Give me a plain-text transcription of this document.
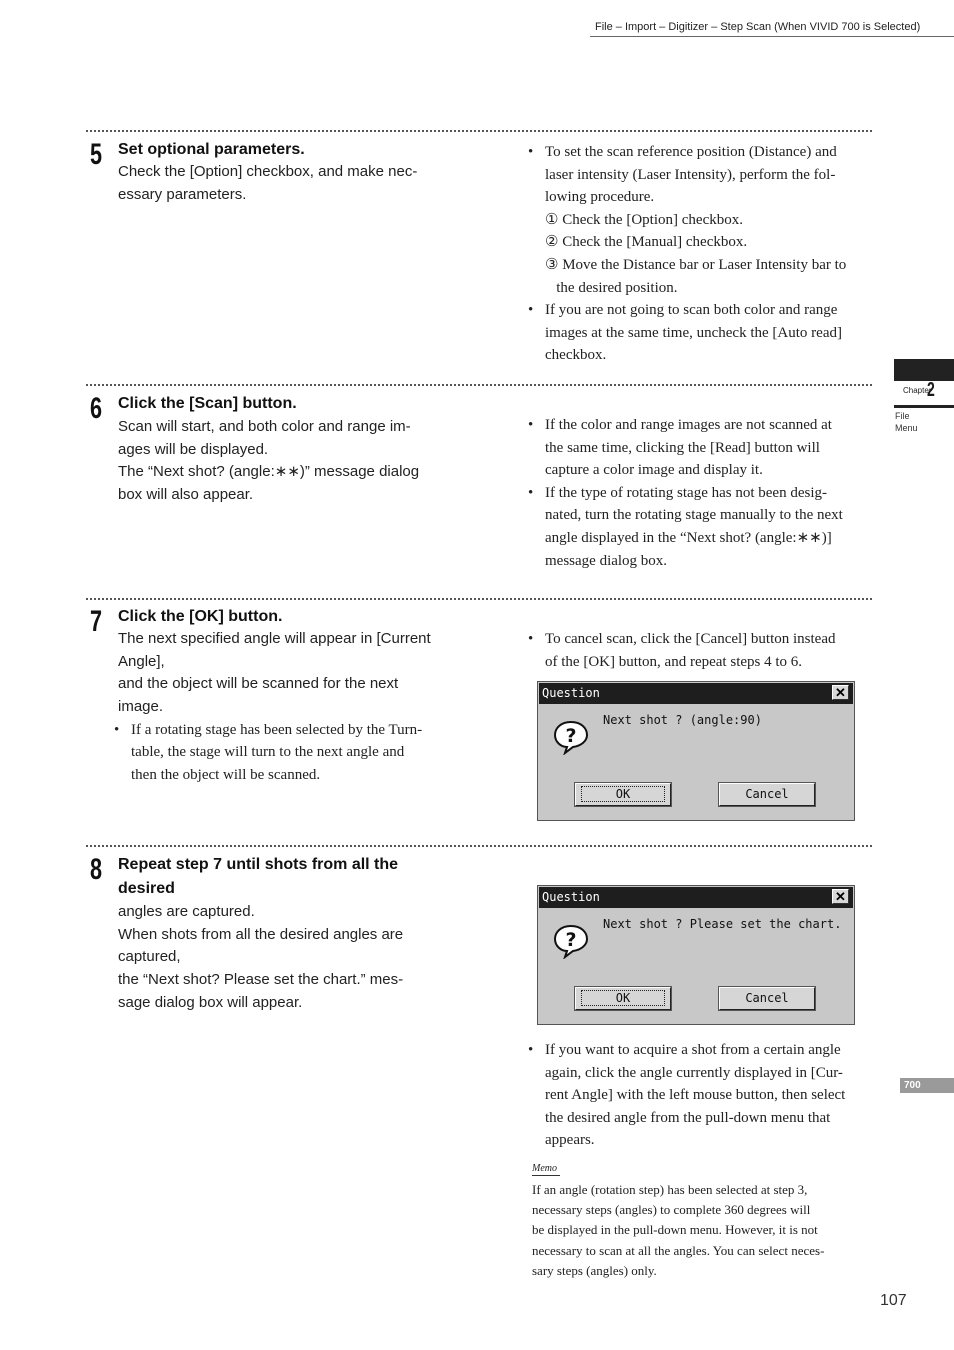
File – Import – Digitizer – Step Scan (When VIVID 700 is Selected)
Chapter
2
File
Menu
700
5 Set optional parameters.
Check the [Option] checkbox, and make nec-
essary parameters.
• To set the scan reference position (Distance) and
laser intensity (Laser Intensity), perform the fol-
lowing procedure.
① Check the [Option] checkbox.
② Check the [Manual] checkbox.
③ Move the Distance bar or Laser Intensity bar to
the desired position.
• If you are not going to scan both color and range
images at the same time, uncheck the [Auto read]
checkbox.
6 Click the [Scan] button.
Scan will start, and both color and range im-
ages will be displayed.
The “Next shot? (angle:∗∗)” message dialog
box will also appear.
• If the color and range images are not scanned at
the same time, clicking the [Read] button will
capture a color image and display it.
• If the type of rotating stage has not been desig-
nated, turn the rotating stage manually to the next
angle displayed in the “Next shot? (angle:∗∗)]
message dialog box.
7 Click the [OK] button.
The next specified angle will appear in [Current
Angle],
and the object will be scanned for the next
image.
• If a rotating stage has been selected by the Turn-
table, the stage will turn to the next angle and
then the object will be scanned.
• To cancel scan, click the [Cancel] button instead
of the [OK] button, and repeat steps 4 to 6.
Question	✕
?
Next shot ? (angle:90)
OK	Cancel
8 Repeat step 7 until shots from all the
desired
angles are captured.
When shots from all the desired angles are
captured,
the “Next shot? Please set the chart.” mes-
sage dialog box will appear.
Question	✕
?
Next shot ? Please set the chart.
OK	Cancel
• If you want to acquire a shot from a certain angle
again, click the angle currently displayed in [Cur-
rent Angle] with the left mouse button, then select
the desired angle from the pull-down menu that
appears.
Memo
If an angle (rotation step) has been selected at step 3,
necessary steps (angles) to complete 360 degrees will
be displayed in the pull-down menu. However, it is not
necessary to scan at all the angles. You can select neces-
sary steps (angles) only.
107
